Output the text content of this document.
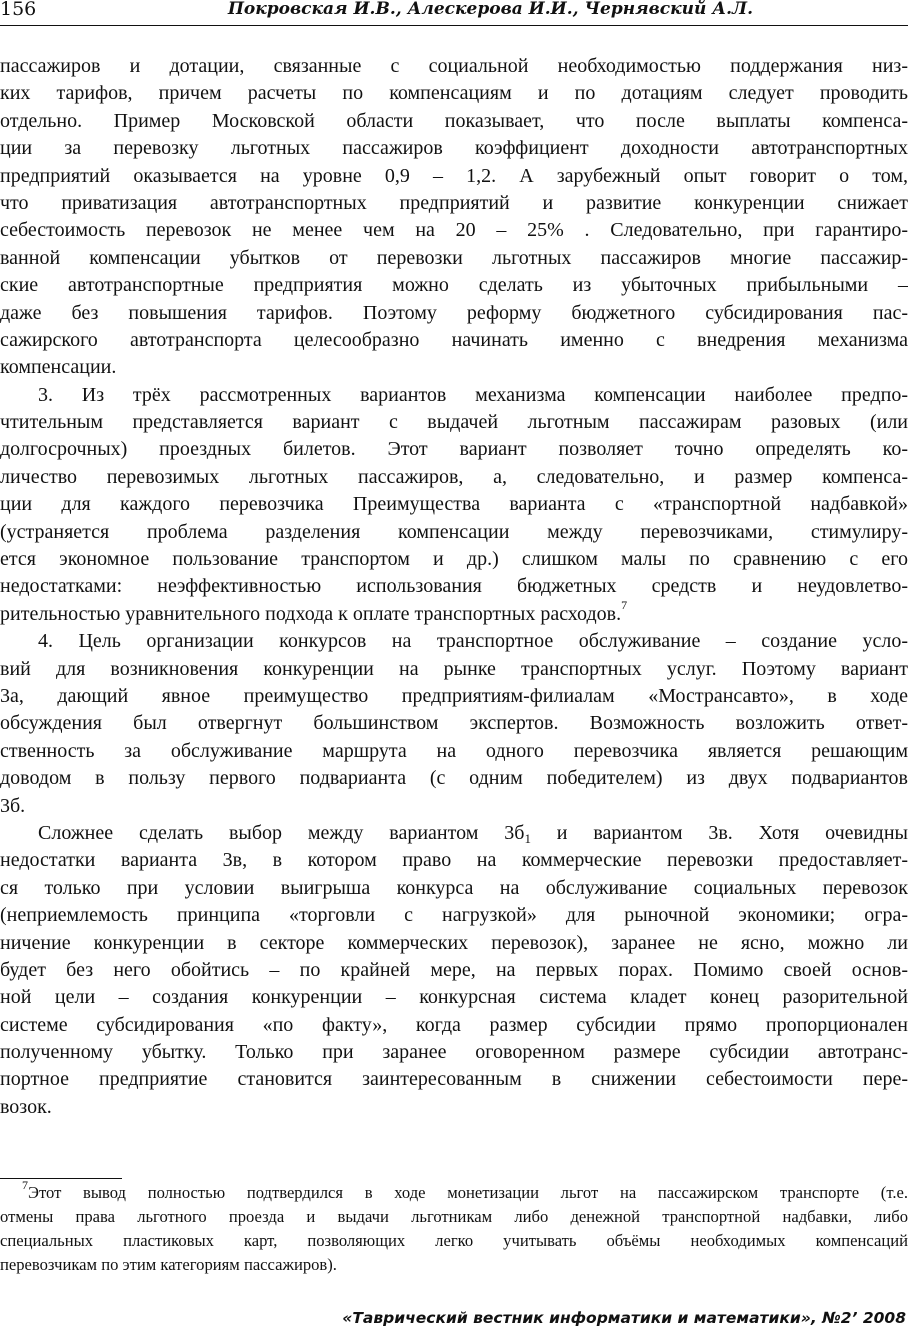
156	Покровская И.В., Алескерова И.И., Чернявский А.Л.
пассажиров и дотации, связанные с социальной необходимостью поддержания низ-
ких тарифов, причем расчеты по компенсациям и по дотациям следует проводить
отдельно. Пример Московской области показывает, что после выплаты компенса-
ции за перевозку льготных пассажиров коэффициент доходности автотранспортных
предприятий оказывается на уровне 0,9 – 1,2. А зарубежный опыт говорит о том,
что приватизация автотранспортных предприятий и развитие конкуренции снижает
себестоимость перевозок не менее чем на 20 – 25% . Следовательно, при гарантиро-
ванной компенсации убытков от перевозки льготных пассажиров многие пассажир-
ские автотранспортные предприятия можно сделать из убыточных прибыльными –
даже без повышения тарифов. Поэтому реформу бюджетного субсидирования пас-
сажирского автотранспорта целесообразно начинать именно с внедрения механизма
компенсации.
3. Из трёх рассмотренных вариантов механизма компенсации наиболее предпо-
чтительным представляется вариант с выдачей льготным пассажирам разовых (или
долгосрочных) проездных билетов. Этот вариант позволяет точно определять ко-
личество перевозимых льготных пассажиров, а, следовательно, и размер компенса-
ции для каждого перевозчика Преимущества варианта с «транспортной надбавкой»
(устраняется проблема разделения компенсации между перевозчиками, стимулиру-
ется экономное пользование транспортом и др.) слишком малы по сравнению с его
недостатками: неэффективностью использования бюджетных средств и неудовлетво-
рительностью уравнительного подхода к оплате транспортных расходов.$^7$
4. Цель организации конкурсов на транспортное обслуживание – создание усло-
вий для возникновения конкуренции на рынке транспортных услуг. Поэтому вариант
3а, дающий явное преимущество предприятиям-филиалам «Мострансавто», в ходе
обсуждения был отвергнут большинством экспертов. Возможность возложить ответ-
ственность за обслуживание маршрута на одного перевозчика является решающим
доводом в пользу первого подварианта (с одним победителем) из двух подвариантов
3б.
Сложнее сделать выбор между вариантом $3б_1$ и вариантом 3в. Хотя очевидны
недостатки варианта 3в, в котором право на коммерческие перевозки предоставляет-
ся только при условии выигрыша конкурса на обслуживание социальных перевозок
(неприемлемость принципа «торговли с нагрузкой» для рыночной экономики; огра-
ничение конкуренции в секторе коммерческих перевозок), заранее не ясно, можно ли
будет без него обойтись – по крайней мере, на первых порах. Помимо своей основ-
ной цели – создания конкуренции – конкурсная система кладет конец разорительной
системе субсидирования «по факту», когда размер субсидии прямо пропорционален
полученному убытку. Только при заранее оговоренном размере субсидии автотранс-
портное предприятие становится заинтересованным в снижении себестоимости пере-
возок.
$^7$Этот вывод полностью подтвердился в ходе монетизации льгот на пассажирском транспорте (т.е.
отмены права льготного проезда и выдачи льготникам либо денежной транспортной надбавки, либо
специальных пластиковых карт, позволяющих легко учитывать объёмы необходимых компенсаций
перевозчикам по этим категориям пассажиров).
«Таврический вестник информатики и математики», №2’ 2008
